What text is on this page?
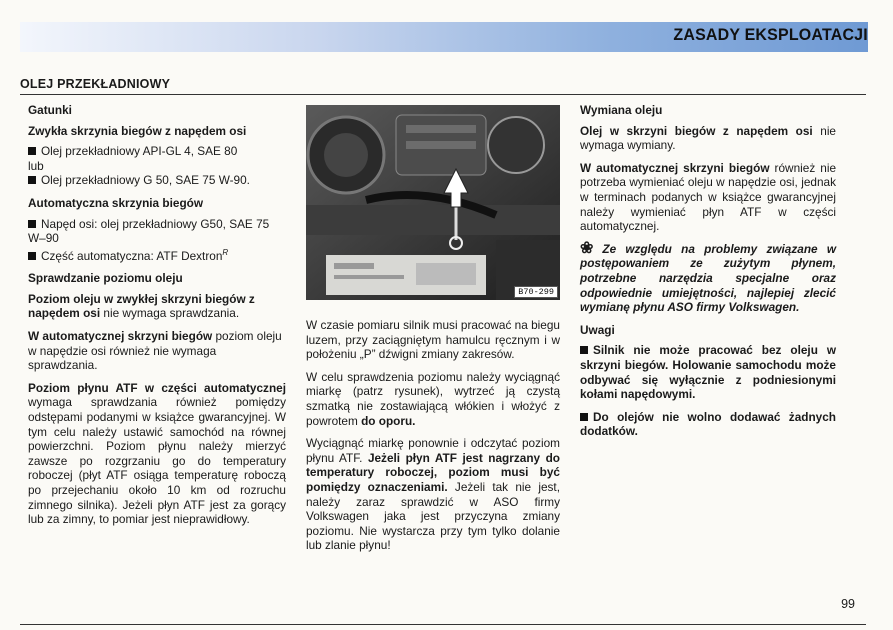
ZASADY EKSPLOATACJI
OLEJ PRZEKŁADNIOWY

Gatunki

Zwykła skrzynia biegów z napędem osi

Olej przekładniowy API-GL 4, SAE 80
lub
Olej przekładniowy G 50, SAE 75 W-90.

Automatyczna skrzynia biegów

Napęd osi: olej przekładniowy G50, SAE 75 W–90
Część automatyczna: ATF Dextron$^R$

Sprawdzanie poziomu oleju

Poziom oleju w zwykłej skrzyni biegów z napędem osi nie wymaga sprawdzania.

W automatycznej skrzyni biegów poziom oleju w napędzie osi również nie wymaga sprawdzania.

Poziom płynu ATF w części automatycznej wymaga sprawdzania również pomiędzy odstępami podanymi w książce gwarancyjnej. W tym celu należy ustawić samochód na równej powierzchni. Poziom płynu należy mierzyć zawsze po rozgrzaniu go do temperatury roboczej (płyt ATF osiąga temperaturę roboczą po przejechaniu około 10 km od rozruchu zimnego silnika). Jeżeli płyn ATF jest za gorący lub za zimny, to pomiar jest nieprawidłowy.

B70-299

W czasie pomiaru silnik musi pracować na biegu luzem, przy zaciągniętym hamulcu ręcznym i w położeniu „P” dźwigni zmiany zakresów.

W celu sprawdzenia poziomu należy wyciągnąć miarkę (patrz rysunek), wytrzeć ją czystą szmatką nie zostawiającą włókien i włożyć z powrotem do oporu.

Wyciągnąć miarkę ponownie i odczytać poziom płynu ATF. Jeżeli płyn ATF jest nagrzany do temperatury roboczej, poziom musi być pomiędzy oznaczeniami. Jeżeli tak nie jest, należy zaraz sprawdzić w ASO firmy Volkswagen jaka jest przyczyna zmiany poziomu. Nie wystarcza przy tym tylko dolanie lub zlanie płynu!

Wymiana oleju

Olej w skrzyni biegów z napędem osi nie wymaga wymiany.

W automatycznej skrzyni biegów również nie potrzeba wymieniać oleju w napędzie osi, jednak w terminach podanych w książce gwarancyjnej należy wymieniać płyn ATF w części automatycznej.

❀ Ze względu na problemy związane w postępowaniem ze zużytym płynem, potrzebne narzędzia specjalne oraz odpowiednie umiejętności, najlepiej zlecić wymianę płynu ASO firmy Volkswagen.

Uwagi

Silnik nie może pracować bez oleju w skrzyni biegów. Holowanie samochodu może odbywać się wyłącznie z podniesionymi kołami napędowymi.

Do olejów nie wolno dodawać żadnych dodatków.

99
